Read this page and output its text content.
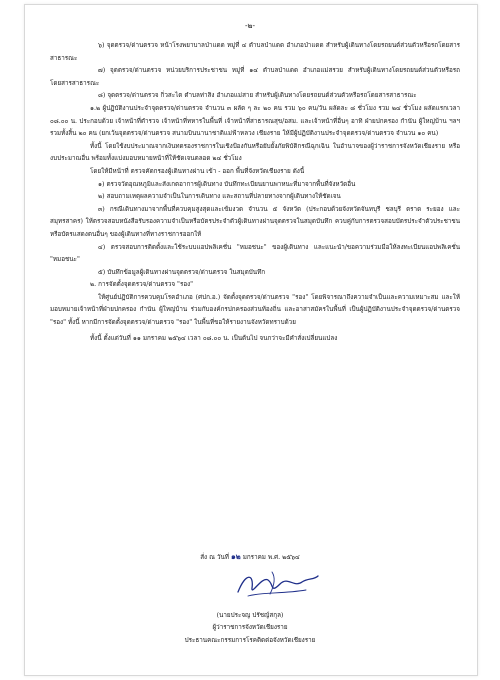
-๒-

๖) จุดตรวจ/ด่านตรวจ หน้าโรงพยาบาลป่าแดด หมู่ที่ ๔ ตำบลป่าแดด อำเภอป่าแดด สำหรับผู้เดินทางโดยรถยนต์ส่วนตัวหรือรถโดยสารสาธารณะ

๗) จุดตรวจ/ด่านตรวจ หน่วยบริการประชาชน หมู่ที่ ๑๔ ตำบลป่าแดด อำเภอแม่สรวย สำหรับผู้เดินทางโดยรถยนต์ส่วนตัวหรือรถโดยสารสาธารณะ

๘) จุดตรวจ/ด่านตรวจ กิ่วสะไต ตำบลท่าสิง อำเภอแม่สาย สำหรับผู้เดินทางโดยรถยนต์ส่วนตัวหรือรถโดยสารสาธารณะ

๑.๒ ผู้ปฏิบัติงานประจำจุดตรวจ/ด่านตรวจ จำนวน ๓ ผลัด ๆ ละ ๒๐ คน รวม ๖๐ คน/วัน ผลัดละ ๘ ชั่วโมง รวม ๒๔ ชั่วโมง ผลัดแรกเวลา ๐๘.๐๐ น. ประกอบด้วย เจ้าหน้าที่ตำรวจ เจ้าหน้าที่ทหารในพื้นที่ เจ้าหน้าที่สาธารณสุข/อสม. และเจ้าหน้าที่อื่นๆ อาทิ ฝ่ายปกครอง กำนัน ผู้ใหญ่บ้าน ฯลฯ รวมทั้งสิ้น ๒๐ คน (ยกเว้นจุดตรวจ/ด่านตรวจ สนามบินนานาชาติแม่ฟ้าหลวง เชียงราย ให้มีผู้ปฏิบัติงานประจำจุดตรวจ/ด่านตรวจ จำนวน ๑๐ คน)

ทั้งนี้ โดยใช้งบประมาณจากเงินทดรองราชการในเชิงป้องกันหรือยับยั้งภัยพิบัติกรณีฉุกเฉิน ในอำนาจของผู้ว่าราชการจังหวัดเชียงราย หรืองบประมาณอื่น พร้อมทั้งแบ่งมอบหมายหน้าที่ให้ชัดเจนตลอด ๒๔ ชั่วโมง

โดยให้มีหน้าที่ ตรวจคัดกรองผู้เดินทางผ่าน เข้า - ออก พื้นที่จังหวัดเชียงราย ดังนี้

๑) ตรวจวัดอุณหภูมิและสังเกตอาการผู้เดินทาง บันทึกทะเบียนยานพาหนะที่มาจากพื้นที่จังหวัดอื่น

๒) สอบถามเหตุผลความจำเป็นในการเดินทาง และสถานที่ปลายทางจากผู้เดินทางให้ชัดเจน

๓) กรณีเดินทางมาจากพื้นที่ควบคุมสูงสุดและเข้มงวด จำนวน ๕ จังหวัด (ประกอบด้วยจังหวัดจันทบุรี ชลบุรี ตราด ระยอง และสมุทรสาคร) ให้ตรวจสอบหนังสือรับรองความจำเป็นหรือบัตรประจำตัวผู้เดินทางผ่านจุดตรวจในสมุดบันทึก ควบคู่กับการตรวจสอบบัตรประจำตัวประชาชนหรือบัตรแสดงตนอื่นๆ ของผู้เดินทางที่ทางราชการออกให้

๔) ตรวจสอบการติดตั้งและใช้ระบบแอปพลิเคชั่น "หมอชนะ" ของผู้เดินทาง และแนะนำ/ขอความร่วมมือให้ลงทะเบียนแอปพลิเคชั่น "หมอชนะ"

๕) บันทึกข้อมูลผู้เดินทางผ่านจุดตรวจ/ด่านตรวจ ในสมุดบันทึก

๒. การจัดตั้งจุดตรวจ/ด่านตรวจ "รอง"

ให้ศูนย์ปฏิบัติการควบคุมโรคอำเภอ (ศปก.อ.) จัดตั้งจุดตรวจ/ด่านตรวจ "รอง" โดยพิจารณาถึงความจำเป็นและความเหมาะสม และให้มอบหมายเจ้าหน้าที่ฝ่ายปกครอง กำนัน ผู้ใหญ่บ้าน ร่วมกับองค์กรปกครองส่วนท้องถิ่น และอาสาสมัครในพื้นที่ เป็นผู้ปฏิบัติงานประจำจุดตรวจ/ด่านตรวจ "รอง" ทั้งนี้ หากมีการจัดตั้งจุดตรวจ/ด่านตรวจ "รอง" ในพื้นที่ขอให้รายงานจังหวัดทราบด้วย

ทั้งนี้ ตั้งแต่วันที่ ๑๑ มกราคม ๒๕๖๔ เวลา ๐๘.๐๐ น. เป็นต้นไป จนกว่าจะมีคำสั่งเปลี่ยนแปลง

สั่ง ณ วันที่ ๑๒ มกราคม พ.ศ. ๒๕๖๔
(นายประจญ ปรัชญ์สกุล)
ผู้ว่าราชการจังหวัดเชียงราย
ประธานคณะกรรมการโรคติดต่อจังหวัดเชียงราย
